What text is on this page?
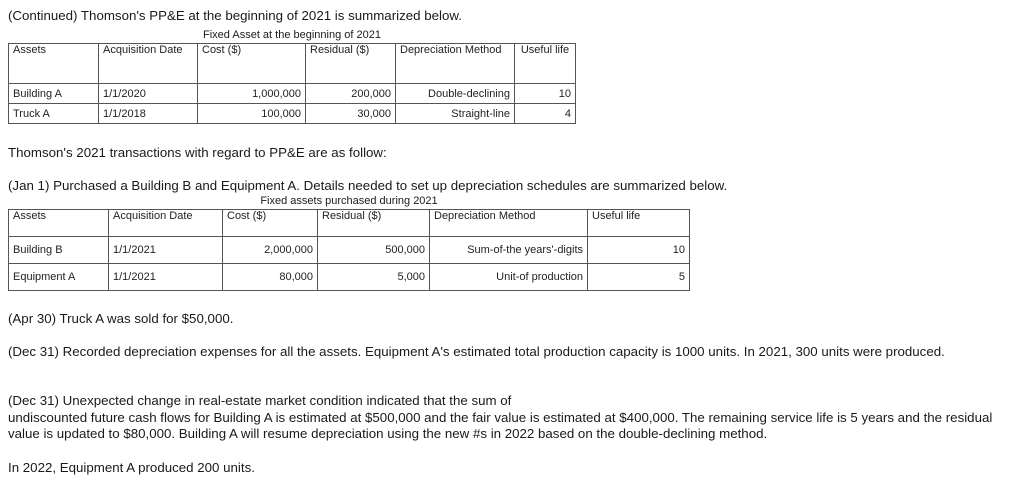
(Continued) Thomson's PP&E at the beginning of 2021 is summarized below.

Fixed Asset at the beginning of 2021
Assets	Acquisition Date	Cost ($)	Residual ($)	Depreciation Method	Useful life
Building A	1/1/2020	1,000,000	200,000	Double-declining	10
Truck A	1/1/2018	100,000	30,000	Straight-line	4

Thomson's 2021 transactions with regard to PP&E are as follow:

(Jan 1) Purchased a Building B and Equipment A. Details needed to set up depreciation schedules are summarized below.

Fixed assets purchased during 2021
Assets	Acquisition Date	Cost ($)	Residual ($)	Depreciation Method	Useful life
Building B	1/1/2021	2,000,000	500,000	Sum-of-the years'-digits	10
Equipment A	1/1/2021	80,000	5,000	Unit-of production	5

(Apr 30) Truck A was sold for $50,000.

(Dec 31) Recorded depreciation expenses for all the assets. Equipment A's estimated total production capacity is 1000 units. In 2021, 300 units were produced.

(Dec 31) Unexpected change in real-estate market condition indicated that the sum of

undiscounted future cash flows for Building A is estimated at $500,000 and the fair value is estimated at $400,000. The remaining service life is 5 years and the residual value is updated to $80,000. Building A will resume depreciation using the new #s in 2022 based on the double-declining method.

In 2022, Equipment A produced 200 units.
